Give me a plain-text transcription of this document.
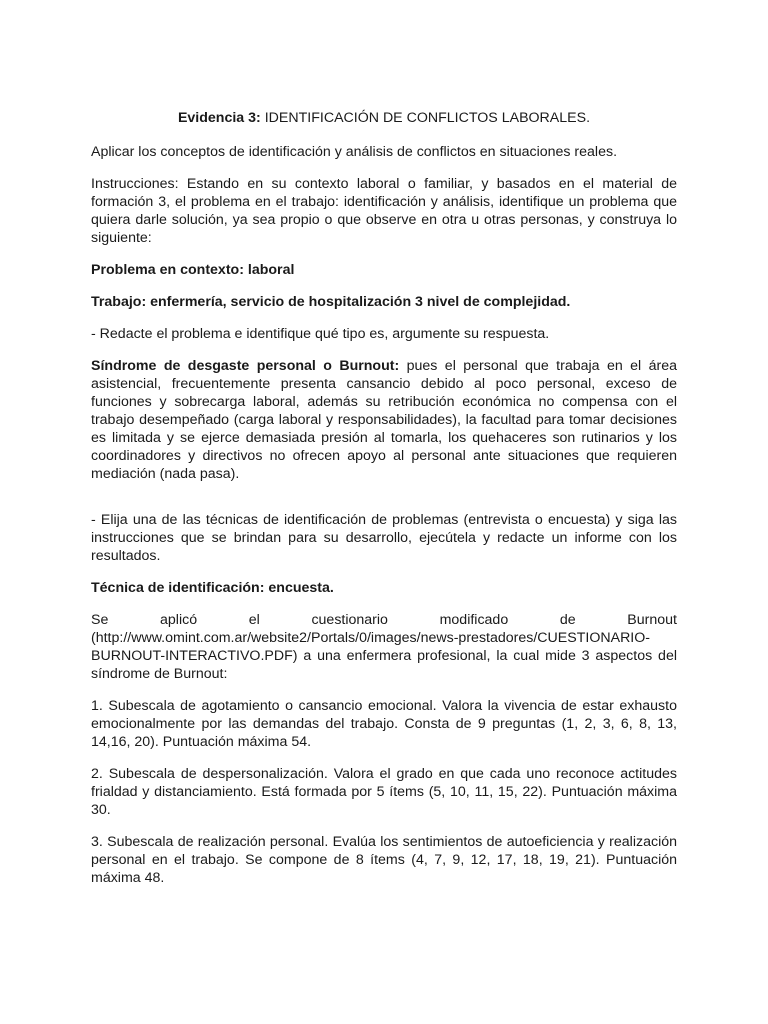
Evidencia 3: IDENTIFICACIÓN DE CONFLICTOS LABORALES.

Aplicar los conceptos de identificación y análisis de conflictos en situaciones reales.

Instrucciones: Estando en su contexto laboral o familiar, y basados en el material de formación 3, el problema en el trabajo: identificación y análisis, identifique un problema que quiera darle solución, ya sea propio o que observe en otra u otras personas, y construya lo siguiente:

Problema en contexto: laboral

Trabajo: enfermería, servicio de hospitalización 3 nivel de complejidad.

- Redacte el problema e identifique qué tipo es, argumente su respuesta.

Síndrome de desgaste personal o Burnout: pues el personal que trabaja en el área asistencial, frecuentemente presenta cansancio debido al poco personal, exceso de funciones y sobrecarga laboral, además su retribución económica no compensa con el trabajo desempeñado (carga laboral y responsabilidades), la facultad para tomar decisiones es limitada y se ejerce demasiada presión al tomarla, los quehaceres son rutinarios y los coordinadores y directivos no ofrecen apoyo al personal ante situaciones que requieren mediación (nada pasa).

- Elija una de las técnicas de identificación de problemas (entrevista o encuesta) y siga las instrucciones que se brindan para su desarrollo, ejecútela y redacte un informe con los resultados.

Técnica de identificación: encuesta.

Se aplicó el cuestionario modificado de Burnout (http://www.omint.com.ar/website2/Portals/0/images/news-prestadores/CUESTIONARIO-BURNOUT-INTERACTIVO.PDF) a una enfermera profesional, la cual mide 3 aspectos del síndrome de Burnout:

1. Subescala de agotamiento o cansancio emocional. Valora la vivencia de estar exhausto emocionalmente por las demandas del trabajo. Consta de 9 preguntas (1, 2, 3, 6, 8, 13, 14,16, 20). Puntuación máxima 54.

2. Subescala de despersonalización. Valora el grado en que cada uno reconoce actitudes frialdad y distanciamiento. Está formada por 5 ítems (5, 10, 11, 15, 22). Puntuación máxima 30.

3. Subescala de realización personal. Evalúa los sentimientos de autoeficiencia y realización personal en el trabajo. Se compone de 8 ítems (4, 7, 9, 12, 17, 18, 19, 21). Puntuación máxima 48.
